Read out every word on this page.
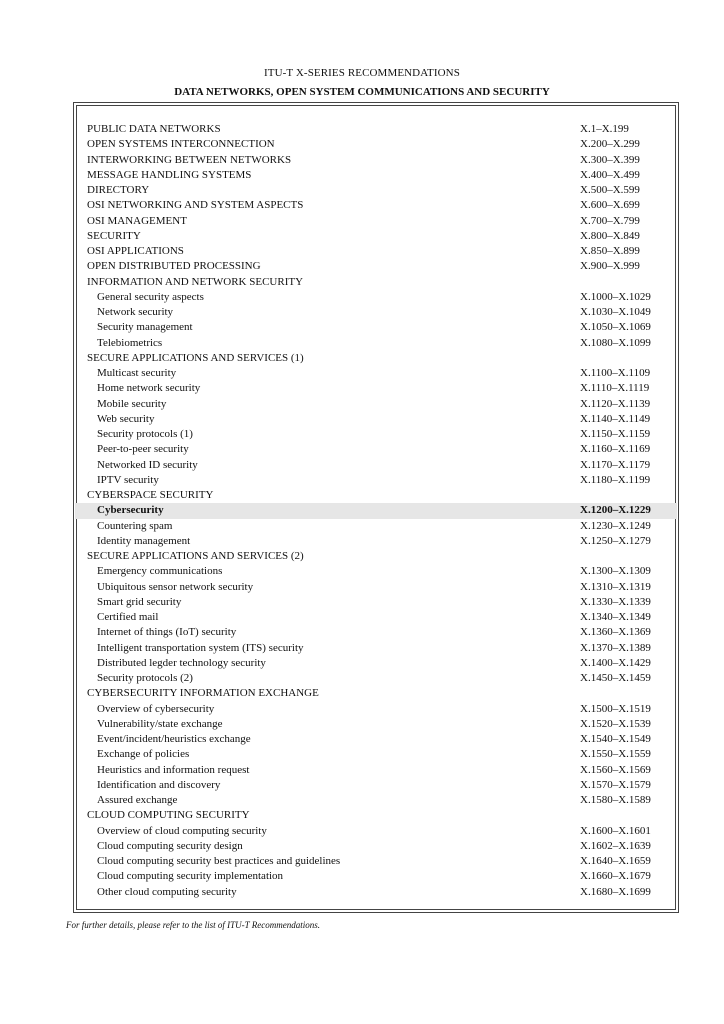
ITU-T X-SERIES RECOMMENDATIONS
DATA NETWORKS, OPEN SYSTEM COMMUNICATIONS AND SECURITY
PUBLIC DATA NETWORKS	X.1–X.199
OPEN SYSTEMS INTERCONNECTION	X.200–X.299
INTERWORKING BETWEEN NETWORKS	X.300–X.399
MESSAGE HANDLING SYSTEMS	X.400–X.499
DIRECTORY	X.500–X.599
OSI NETWORKING AND SYSTEM ASPECTS	X.600–X.699
OSI MANAGEMENT	X.700–X.799
SECURITY	X.800–X.849
OSI APPLICATIONS	X.850–X.899
OPEN DISTRIBUTED PROCESSING	X.900–X.999
INFORMATION AND NETWORK SECURITY
General security aspects	X.1000–X.1029
Network security	X.1030–X.1049
Security management	X.1050–X.1069
Telebiometrics	X.1080–X.1099
SECURE APPLICATIONS AND SERVICES (1)
Multicast security	X.1100–X.1109
Home network security	X.1110–X.1119
Mobile security	X.1120–X.1139
Web security	X.1140–X.1149
Security protocols (1)	X.1150–X.1159
Peer-to-peer security	X.1160–X.1169
Networked ID security	X.1170–X.1179
IPTV security	X.1180–X.1199
CYBERSPACE SECURITY
Cybersecurity	X.1200–X.1229
Countering spam	X.1230–X.1249
Identity management	X.1250–X.1279
SECURE APPLICATIONS AND SERVICES (2)
Emergency communications	X.1300–X.1309
Ubiquitous sensor network security	X.1310–X.1319
Smart grid security	X.1330–X.1339
Certified mail	X.1340–X.1349
Internet of things (IoT) security	X.1360–X.1369
Intelligent transportation system (ITS) security	X.1370–X.1389
Distributed legder technology security	X.1400–X.1429
Security protocols (2)	X.1450–X.1459
CYBERSECURITY INFORMATION EXCHANGE
Overview of cybersecurity	X.1500–X.1519
Vulnerability/state exchange	X.1520–X.1539
Event/incident/heuristics exchange	X.1540–X.1549
Exchange of policies	X.1550–X.1559
Heuristics and information request	X.1560–X.1569
Identification and discovery	X.1570–X.1579
Assured exchange	X.1580–X.1589
CLOUD COMPUTING SECURITY
Overview of cloud computing security	X.1600–X.1601
Cloud computing security design	X.1602–X.1639
Cloud computing security best practices and guidelines	X.1640–X.1659
Cloud computing security implementation	X.1660–X.1679
Other cloud computing security	X.1680–X.1699
For further details, please refer to the list of ITU-T Recommendations.
